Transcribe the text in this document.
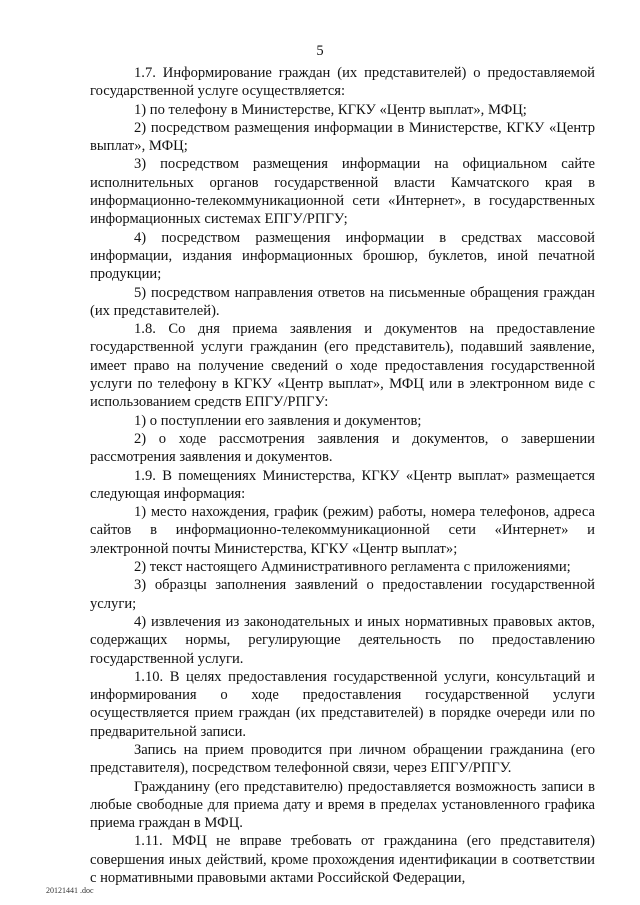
5

1.7. Информирование граждан (их представителей) о предоставляемой государственной услуге осуществляется:

1) по телефону в Министерстве, КГКУ «Центр выплат», МФЦ;

2) посредством размещения информации в Министерстве, КГКУ «Центр выплат», МФЦ;

3) посредством размещения информации на официальном сайте исполнительных органов государственной власти Камчатского края в информационно-телекоммуникационной сети «Интернет», в государственных информационных системах ЕПГУ/РПГУ;

4) посредством размещения информации в средствах массовой информации, издания информационных брошюр, буклетов, иной печатной продукции;

5) посредством направления ответов на письменные обращения граждан (их представителей).

1.8. Со дня приема заявления и документов на предоставление государственной услуги гражданин (его представитель), подавший заявление, имеет право на получение сведений о ходе предоставления государственной услуги по телефону в КГКУ «Центр выплат», МФЦ или в электронном виде с использованием средств ЕПГУ/РПГУ:

1) о поступлении его заявления и документов;

2) о ходе рассмотрения заявления и документов, о завершении рассмотрения заявления и документов.

1.9. В помещениях Министерства, КГКУ «Центр выплат» размещается следующая информация:

1) место нахождения, график (режим) работы, номера телефонов, адреса сайтов в информационно-телекоммуникационной сети «Интернет» и электронной почты Министерства, КГКУ «Центр выплат»;

2) текст настоящего Административного регламента с приложениями;

3) образцы заполнения заявлений о предоставлении государственной услуги;

4) извлечения из законодательных и иных нормативных правовых актов, содержащих нормы, регулирующие деятельность по предоставлению государственной услуги.

1.10. В целях предоставления государственной услуги, консультаций и информирования о ходе предоставления государственной услуги осуществляется прием граждан (их представителей) в порядке очереди или по предварительной записи.

Запись на прием проводится при личном обращении гражданина (его представителя), посредством телефонной связи, через ЕПГУ/РПГУ.

Гражданину (его представителю) предоставляется возможность записи в любые свободные для приема дату и время в пределах установленного графика приема граждан в МФЦ.

1.11. МФЦ не вправе требовать от гражданина (его представителя) совершения иных действий, кроме прохождения идентификации в соответствии с нормативными правовыми актами Российской Федерации,

20121441 .doc
